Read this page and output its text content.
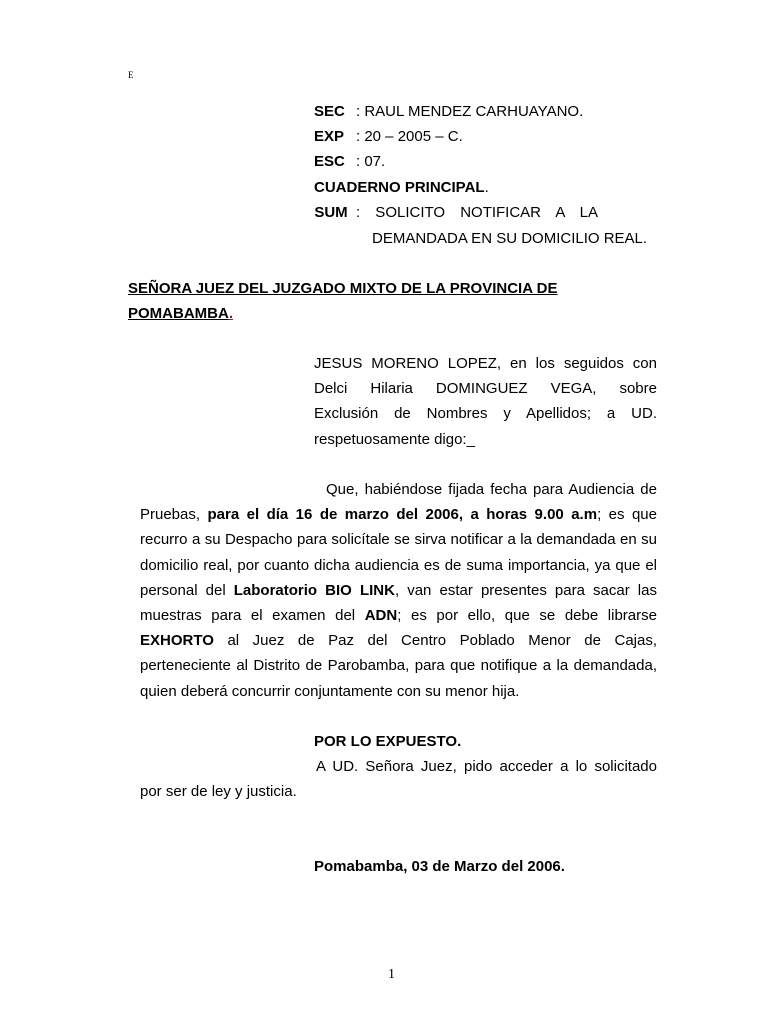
E
SEC : RAUL MENDEZ CARHUAYANO.
EXP : 20 – 2005 – C.
ESC : 07.
CUADERNO PRINCIPAL.
SUM : SOLICITO NOTIFICAR A LA
DEMANDADA EN SU DOMICILIO REAL.
SEÑORA JUEZ DEL JUZGADO MIXTO DE LA PROVINCIA DE
POMABAMBA.
JESUS MORENO LOPEZ, en los seguidos con
Delci Hilaria DOMINGUEZ VEGA, sobre
Exclusión de Nombres y Apellidos; a UD.
respetuosamente digo:_
Que, habiéndose fijada fecha para Audiencia de Pruebas, para el día 16 de marzo del 2006, a horas 9.00 a.m; es que recurro a su Despacho para solicítale se sirva notificar a la demandada en su domicilio real, por cuanto dicha audiencia es de suma importancia, ya que el personal del Laboratorio BIO LINK, van estar presentes para sacar las muestras para el examen del ADN; es por ello, que se debe librarse EXHORTO al Juez de Paz del Centro Poblado Menor de Cajas, perteneciente al Distrito de Parobamba, para que notifique a la demandada, quien deberá concurrir conjuntamente con su menor hija.
POR LO EXPUESTO.
A UD. Señora Juez, pido acceder a lo solicitado por ser de ley y justicia.
Pomabamba, 03 de Marzo del 2006.
1
